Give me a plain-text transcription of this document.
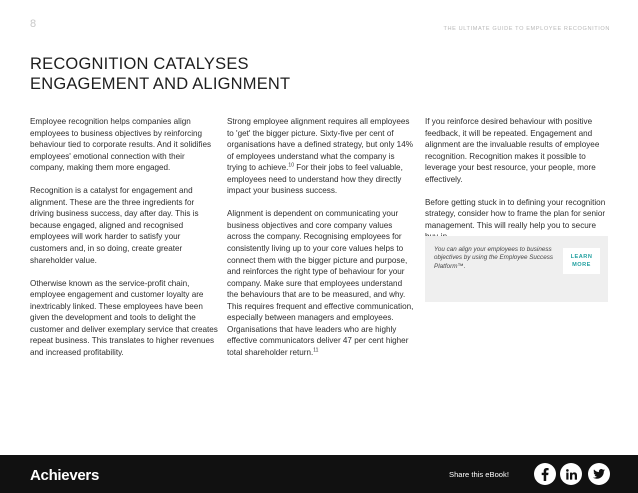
8	THE ULTIMATE GUIDE TO EMPLOYEE RECOGNITION
RECOGNITION CATALYSES
ENGAGEMENT AND ALIGNMENT

Employee recognition helps companies align employees to business objectives by reinforcing behaviour tied to corporate results. And it solidifies employees' emotional connection with their company, making them more engaged.

Recognition is a catalyst for engagement and alignment. These are the three ingredients for driving business success, day after day. This is because engaged, aligned and recognised employees will work harder to satisfy your customers and, in so doing, create greater shareholder value.

Otherwise known as the service-profit chain, employee engagement and customer loyalty are inextricably linked. These employees have been given the development and tools to delight the customer and deliver exemplary service that creates repeat business. This translates to higher revenues and increased profitability.

Strong employee alignment requires all employees to 'get' the bigger picture. Sixty-five per cent of organisations have a defined strategy, but only 14% of employees understand what the company is trying to achieve.$^{10}$ For their jobs to feel valuable, employees need to understand how they directly impact your business success.

Alignment is dependent on communicating your business objectives and core company values across the company. Recognising employees for consistently living up to your core values helps to connect them with the bigger picture and purpose, and reinforces the right type of behaviour for your company. Make sure that employees understand the behaviours that are to be measured, and why. This requires frequent and effective communication, especially between managers and employees. Organisations that have leaders who are highly effective communicators deliver 47 per cent higher total shareholder return.$^{11}$

If you reinforce desired behaviour with positive feedback, it will be repeated. Engagement and alignment are the invaluable results of employee recognition. Recognition makes it possible to leverage your best resource, your people, more effectively.

Before getting stuck in to defining your recognition strategy, consider how to frame the plan for senior management. This will really help you to secure

You can align your employees to business objectives by using the Employee Success Platform™.
LEARN
MORE
Achievers	Share this eBook!
